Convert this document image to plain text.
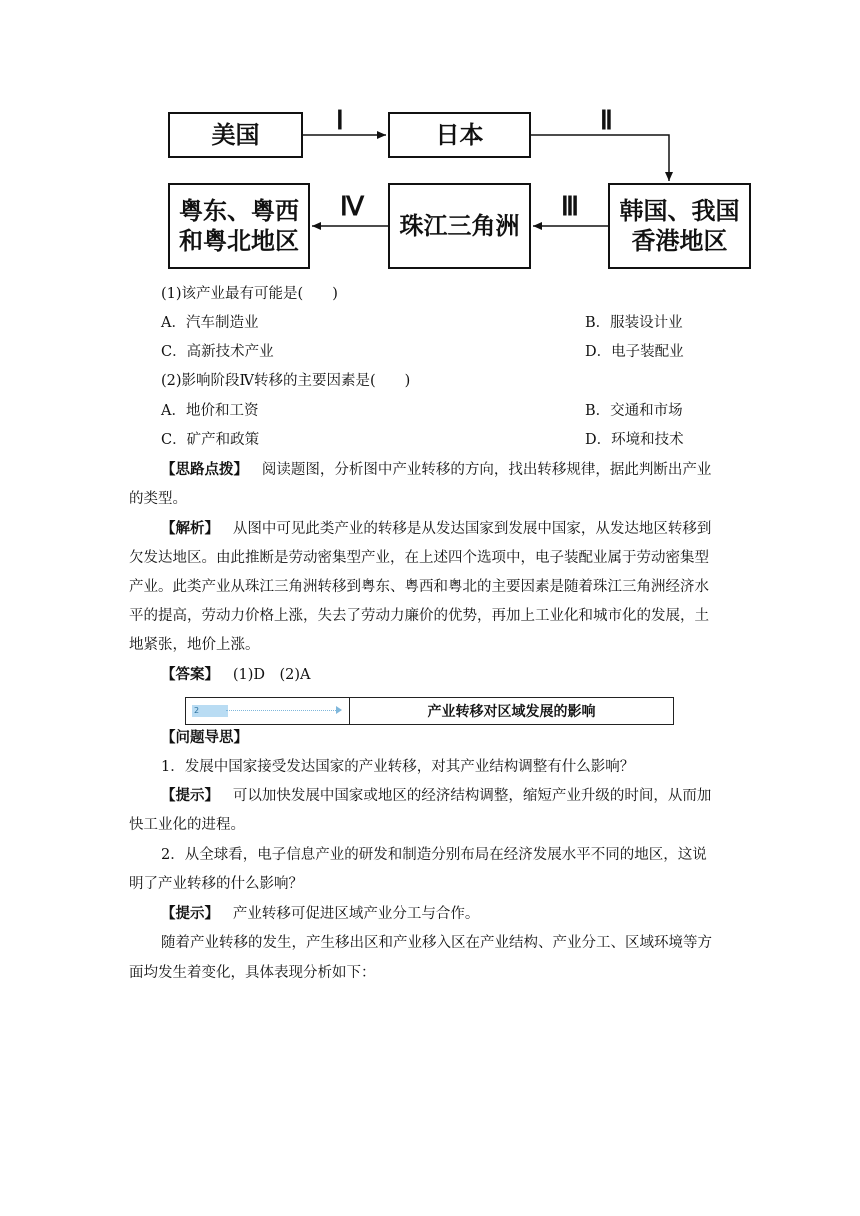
美国	日本
韩国、我国
香港地区
珠江三角洲
粤东、粤西
和粤北地区
Ⅰ	Ⅱ
Ⅲ
Ⅳ
(1)该产业最有可能是(　　)
A．汽车制造业	B．服装设计业
C．高新技术产业	D．电子装配业
(2)影响阶段Ⅳ转移的主要因素是(　　)
A．地价和工资	B．交通和市场
C．矿产和政策	D．环境和技术
【思路点拨】 阅读题图，分析图中产业转移的方向，找出转移规律，据此判断出产业
的类型。
【解析】 从图中可见此类产业的转移是从发达国家到发展中国家，从发达地区转移到
欠发达地区。由此推断是劳动密集型产业，在上述四个选项中，电子装配业属于劳动密集型
产业。此类产业从珠江三角洲转移到粤东、粤西和粤北的主要因素是随着珠江三角洲经济水
平的提高，劳动力价格上涨，失去了劳动力廉价的优势，再加上工业化和城市化的发展，土
地紧张，地价上涨。
【答案】 (1)D　(2)A
2	产业转移对区域发展的影响
【问题导思】
1．发展中国家接受发达国家的产业转移，对其产业结构调整有什么影响？
【提示】 可以加快发展中国家或地区的经济结构调整，缩短产业升级的时间，从而加
快工业化的进程。
2．从全球看，电子信息产业的研发和制造分别布局在经济发展水平不同的地区，这说
明了产业转移的什么影响？
【提示】 产业转移可促进区域产业分工与合作。
随着产业转移的发生，产生移出区和产业移入区在产业结构、产业分工、区域环境等方
面均发生着变化，具体表现分析如下：
